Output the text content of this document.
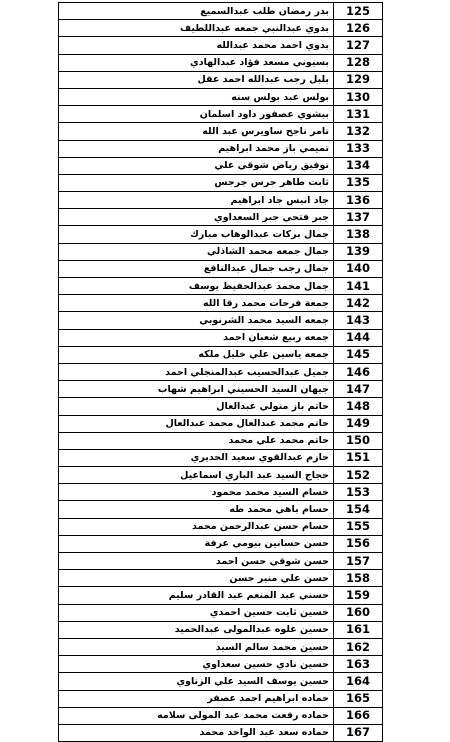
بدر رمضان طلب عبدالسميع	125
بدوي عبدالنبي جمعه عبداللطيف	126
بدوي احمد محمد عبدالله	127
بسيوني مسعد فؤاد عبدالهادي	128
بلبل رجب عبدالله احمد عقل	129
بولس عبد بولس سنه	130
بيشوي عصفور داود اسلمان	131
تامر ناجح ساويرس عبد الله	132
تميمي باز محمد ابراهيم	133
توفيق رياض شوقي علي	134
ثابت طاهر جرس جرجس	135
جاد انيس جاد ابراهيم	136
جبر فتحي جبر السعداوي	137
جمال بركات عبدالوهاب مبارك	138
جمال جمعه محمد الشاذلي	139
جمال رجب جمال عبدالنافع	140
جمال محمد عبدالحفيظ يوسف	141
جمعة فرحات محمد رقا الله	142
جمعه السيد محمد الشرنوبي	143
جمعه ربيع شعبان احمد	144
جمعه ياسين علي خليل ملكه	145
جميل عبدالحسيب عبدالمنجلي احمد	146
جيهان السيد الحسيني ابراهيم شهاب	147
حاتم باز متولي عبدالعال	148
حاتم محمد عبدالعال محمد عبدالعال	149
حاتم محمد علي محمد	150
حازم عبدالقوي سعيد الحديري	151
حجاج السيد عبد الباري اسماعيل	152
حسام السيد محمد محمود	153
حسام باهي محمد طه	154
حسام حسن عبدالرحمن محمد	155
حسن حسانين بيومي عرفة	156
حسن شوقي حسن احمد	157
حسن علي منير حسن	158
حسني عبد المنعم عبد القادر سليم	159
حسين ثابت حسين احمدي	160
حسين علوه عبدالمولى عبدالحميد	161
حسين محمد سالم السيد	162
حسين نادي حسين سعداوي	163
حسين يوسف السيد علي الزناوي	164
حماده ابراهيم احمد عصفر	165
حماده رفعت محمد عبد المولى سلامه	166
حماده سعد عبد الواحد محمد	167
